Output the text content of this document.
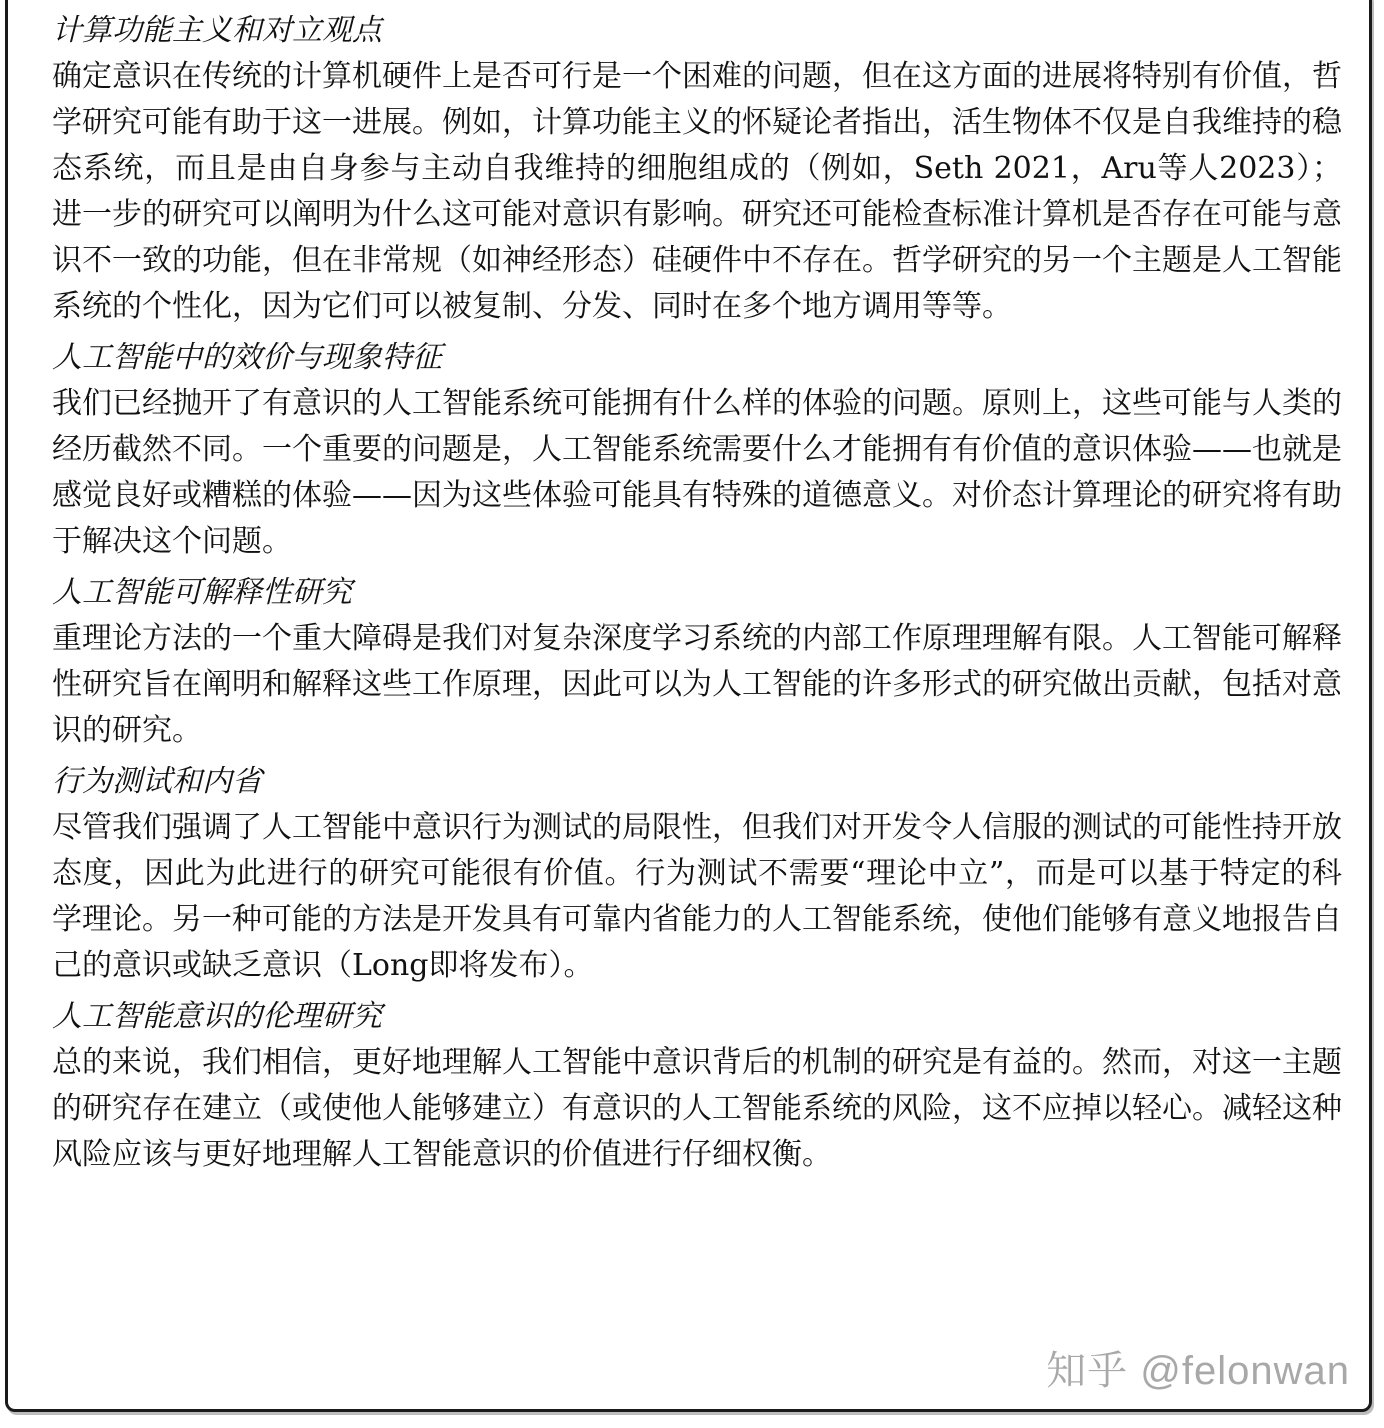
计算功能主义和对立观点
确定意识在传统的计算机硬件上是否可行是一个困难的问题，但在这方面的进展将特别有价值，哲学研究可能有助于这一进展。例如，计算功能主义的怀疑论者指出，活生物体不仅是自我维持的稳态系统，而且是由自身参与主动自我维持的细胞组成的（例如，Seth 2021，Aru等人2023）；进一步的研究可以阐明为什么这可能对意识有影响。研究还可能检查标准计算机是否存在可能与意识不一致的功能，但在非常规（如神经形态）硅硬件中不存在。哲学研究的另一个主题是人工智能系统的个性化，因为它们可以被复制、分发、同时在多个地方调用等等。
人工智能中的效价与现象特征
我们已经抛开了有意识的人工智能系统可能拥有什么样的体验的问题。原则上，这些可能与人类的经历截然不同。一个重要的问题是，人工智能系统需要什么才能拥有有价值的意识体验——也就是感觉良好或糟糕的体验——因为这些体验可能具有特殊的道德意义。对价态计算理论的研究将有助于解决这个问题。
人工智能可解释性研究
重理论方法的一个重大障碍是我们对复杂深度学习系统的内部工作原理理解有限。人工智能可解释性研究旨在阐明和解释这些工作原理，因此可以为人工智能的许多形式的研究做出贡献，包括对意识的研究。
行为测试和内省
尽管我们强调了人工智能中意识行为测试的局限性，但我们对开发令人信服的测试的可能性持开放态度，因此为此进行的研究可能很有价值。行为测试不需要“理论中立”，而是可以基于特定的科学理论。另一种可能的方法是开发具有可靠内省能力的人工智能系统，使他们能够有意义地报告自己的意识或缺乏意识（Long即将发布）。
人工智能意识的伦理研究
总的来说，我们相信，更好地理解人工智能中意识背后的机制的研究是有益的。然而，对这一主题的研究存在建立（或使他人能够建立）有意识的人工智能系统的风险，这不应掉以轻心。减轻这种风险应该与更好地理解人工智能意识的价值进行仔细权衡。
知乎 @felonwan
